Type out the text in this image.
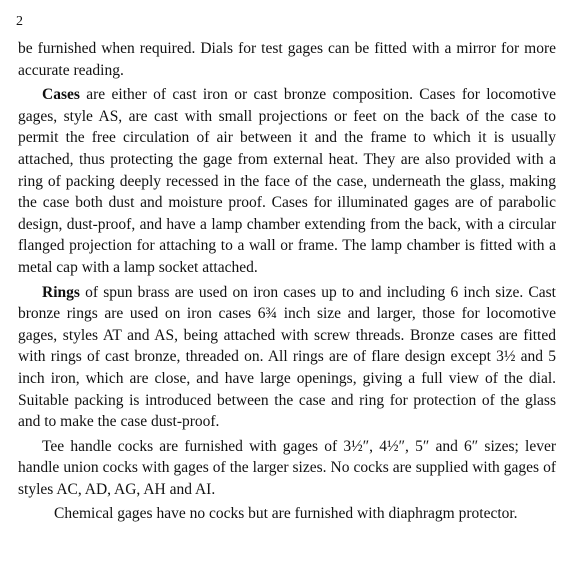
2

be furnished when required. Dials for test gages can be fitted with a mirror for more accurate reading.

Cases are either of cast iron or cast bronze composition. Cases for locomotive gages, style AS, are cast with small projections or feet on the back of the case to permit the free circulation of air between it and the frame to which it is usually attached, thus protecting the gage from external heat. They are also provided with a ring of packing deeply recessed in the face of the case, underneath the glass, making the case both dust and moisture proof. Cases for illuminated gages are of parabolic design, dust-proof, and have a lamp chamber extending from the back, with a circular flanged projection for attaching to a wall or frame. The lamp chamber is fitted with a metal cap with a lamp socket attached.

Rings of spun brass are used on iron cases up to and including 6 inch size. Cast bronze rings are used on iron cases 6¾ inch size and larger, those for locomotive gages, styles AT and AS, being attached with screw threads. Bronze cases are fitted with rings of cast bronze, threaded on. All rings are of flare design except 3½ and 5 inch iron, which are close, and have large openings, giving a full view of the dial. Suitable packing is introduced between the case and ring for protection of the glass and to make the case dust-proof.

Tee handle cocks are furnished with gages of 3½″, 4½″, 5″ and 6″ sizes; lever handle union cocks with gages of the larger sizes. No cocks are supplied with gages of styles AC, AD, AG, AH and AI.

Chemical gages have no cocks but are furnished with diaphragm protector.
